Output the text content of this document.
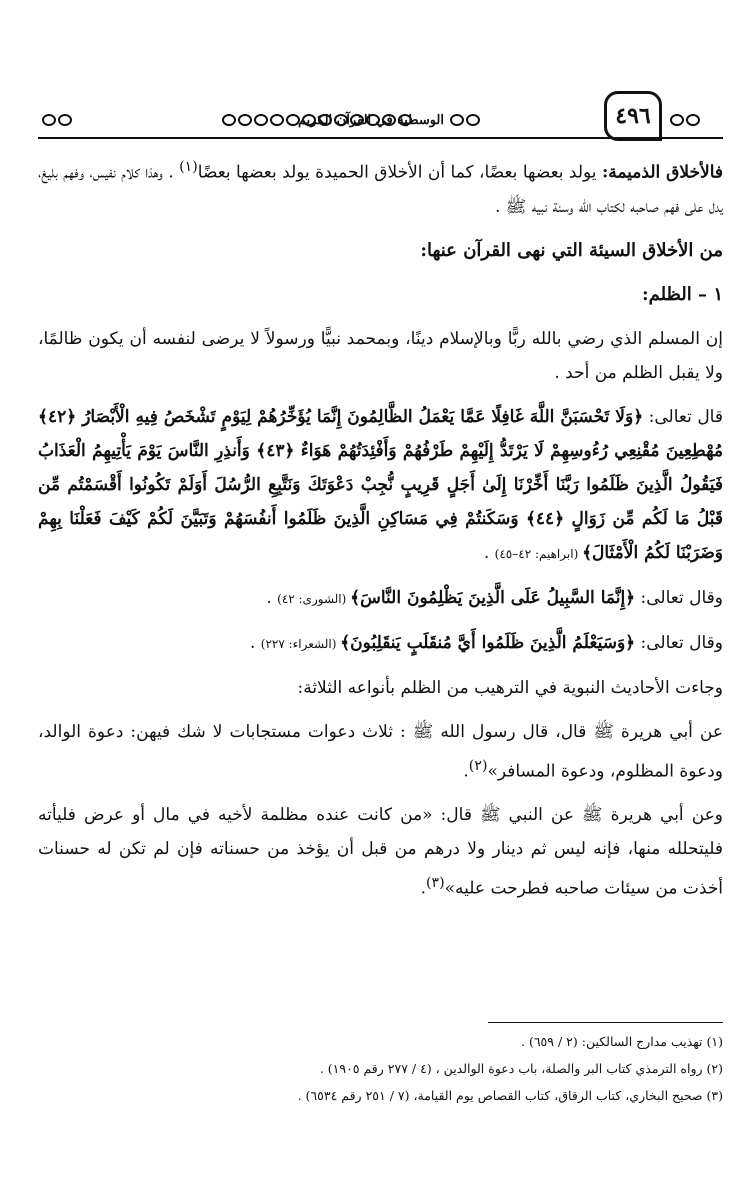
٤٩٦
الوسطية في القرآن الكريم

فالأخلاق الذميمة: يولد بعضها بعضًا، كما أن الأخلاق الحميدة يولد بعضها بعضًا$^{(١)}$ . وهذا كلام نفيس، وفهم بليغ، يدل على فهم صاحبه لكتاب الله وسنة نبيه ﷺ .

من الأخلاق السيئة التي نهى القرآن عنها:
١ – الظلم:

إن المسلم الذي رضي بالله ربًّا وبالإسلام دينًا، وبمحمد نبيًّا ورسولاً لا يرضى لنفسه أن يكون ظالمًا، ولا يقبل الظلم من أحد .

قال تعالى: ﴿وَلَا تَحْسَبَنَّ اللَّهَ غَافِلًا عَمَّا يَعْمَلُ الظَّالِمُونَ إِنَّمَا يُؤَخِّرُهُمْ لِيَوْمٍ تَشْخَصُ فِيهِ الْأَبْصَارُ ﴿٤٢﴾ مُهْطِعِينَ مُقْنِعِي رُءُوسِهِمْ لَا يَرْتَدُّ إِلَيْهِمْ طَرْفُهُمْ وَأَفْئِدَتُهُمْ هَوَاءٌ ﴿٤٣﴾ وَأَنذِرِ النَّاسَ يَوْمَ يَأْتِيهِمُ الْعَذَابُ فَيَقُولُ الَّذِينَ ظَلَمُوا رَبَّنَا أَخِّرْنَا إِلَىٰ أَجَلٍ قَرِيبٍ نُّجِبْ دَعْوَتَكَ وَنَتَّبِعِ الرُّسُلَ أَوَلَمْ تَكُونُوا أَقْسَمْتُم مِّن قَبْلُ مَا لَكُم مِّن زَوَالٍ ﴿٤٤﴾ وَسَكَنتُمْ فِي مَسَاكِنِ الَّذِينَ ظَلَمُوا أَنفُسَهُمْ وَتَبَيَّنَ لَكُمْ كَيْفَ فَعَلْنَا بِهِمْ وَضَرَبْنَا لَكُمُ الْأَمْثَالَ﴾ (ابراهيم: ٤٢–٤٥) .

وقال تعالى: ﴿إِنَّمَا السَّبِيلُ عَلَى الَّذِينَ يَظْلِمُونَ النَّاسَ﴾ (الشورى: ٤٢) .

وقال تعالى: ﴿وَسَيَعْلَمُ الَّذِينَ ظَلَمُوا أَيَّ مُنقَلَبٍ يَنقَلِبُونَ﴾ (الشعراء: ٢٢٧) .

وجاءت الأحاديث النبوية في الترهيب من الظلم بأنواعه الثلاثة:

عن أبي هريرة ﷺ قال، قال رسول الله ﷺ : ثلاث دعوات مستجابات لا شك فيهن: دعوة الوالد، ودعوة المظلوم، ودعوة المسافر»$^{(٢)}$.

وعن أبي هريرة ﷺ عن النبي ﷺ قال: «من كانت عنده مظلمة لأخيه في مال أو عرض فليأته فليتحلله منها، فإنه ليس ثم دينار ولا درهم من قبل أن يؤخذ من حسناته فإن لم تكن له حسنات أخذت من سيئات صاحبه فطرحت عليه»$^{(٣)}$.

(١) تهذيب مدارج السالكين: (٢ / ٦٥٩) .
(٢) رواه الترمذي كتاب البر والصلة، باب دعوة الوالدين ، (٤ / ٢٧٧ رقم ١٩٠٥) .
(٣) صحيح البخاري، كتاب الرقاق، كتاب القصاص يوم القيامة، (٧ / ٢٥١ رقم ٦٥٣٤) .
